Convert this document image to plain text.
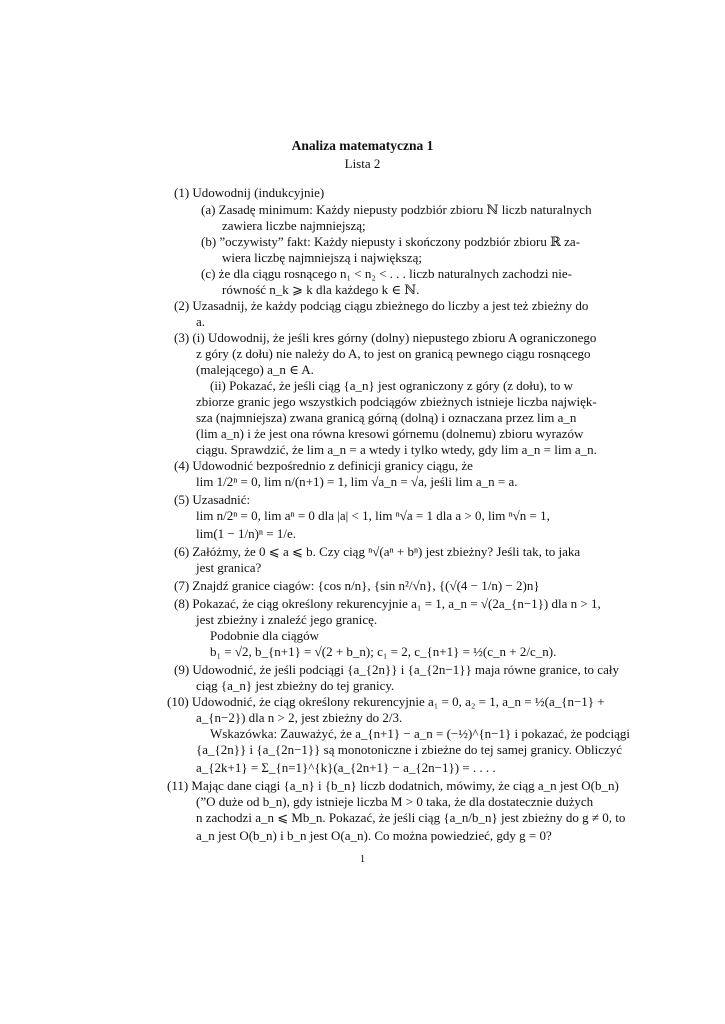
Analiza matematyczna 1
Lista 2
(1) Udowodnij (indukcyjnie)
(a) Zasadę minimum: Każdy niepusty podzbiór zbioru ℕ liczb naturalnych
zawiera liczbe najmniejszą;
(b) ”oczywisty” fakt: Każdy niepusty i skończony podzbiór zbioru ℝ za-
wiera liczbę najmniejszą i największą;
(c) że dla ciągu rosnącego n₁ < n₂ < . . . liczb naturalnych zachodzi nie-
równość n_k ⩾ k dla każdego k ∈ ℕ.
(2) Uzasadnij, że każdy podciąg ciągu zbieżnego do liczby a jest też zbieżny do
a.
(3) (i) Udowodnij, że jeśli kres górny (dolny) niepustego zbioru A ograniczonego
z góry (z dołu) nie należy do A, to jest on granicą pewnego ciągu rosnącego
(malejącego) a_n ∈ A.
(ii) Pokazać, że jeśli ciąg {a_n} jest ograniczony z góry (z dołu), to w
zbiorze granic jego wszystkich podciągów zbieżnych istnieje liczba najwięk-
sza (najmniejsza) zwana granicą górną (dolną) i oznaczana przez lim a_n
(lim a_n) i że jest ona równa kresowi górnemu (dolnemu) zbioru wyrazów
ciągu. Sprawdzić, że lim a_n = a wtedy i tylko wtedy, gdy lim a_n = lim a_n.
(4) Udowodnić bezpośrednio z definicji granicy ciągu, że
lim 1/2ⁿ = 0, lim n/(n+1) = 1, lim √a_n = √a, jeśli lim a_n = a.
(5) Uzasadnić:
lim n/2ⁿ = 0, lim aⁿ = 0 dla |a| < 1, lim ⁿ√a = 1 dla a > 0, lim ⁿ√n = 1,
lim(1 − 1/n)ⁿ = 1/e.
(6) Załóżmy, że 0 ⩽ a ⩽ b. Czy ciąg ⁿ√(aⁿ + bⁿ) jest zbieżny? Jeśli tak, to jaka
jest granica?
(7) Znajdź granice ciagów: {cos n/n}, {sin n²/√n}, {(√(4 − 1/n) − 2)n}
(8) Pokazać, że ciąg określony rekurencyjnie a₁ = 1, a_n = √(2a_{n−1}) dla n > 1,
jest zbieżny i znaleźć jego granicę.
Podobnie dla ciągów
b₁ = √2, b_{n+1} = √(2 + b_n); c₁ = 2, c_{n+1} = ½(c_n + 2/c_n).
(9) Udowodnić, że jeśli podciągi {a_{2n}} i {a_{2n−1}} maja równe granice, to cały
ciąg {a_n} jest zbieżny do tej granicy.
(10) Udowodnić, że ciąg określony rekurencyjnie a₁ = 0, a₂ = 1, a_n = ½(a_{n−1} +
a_{n−2}) dla n > 2, jest zbieżny do 2/3.
Wskazówka: Zauważyć, że a_{n+1} − a_n = (−½)^{n−1} i pokazać, że podciągi
{a_{2n}} i {a_{2n−1}} są monotoniczne i zbieżne do tej samej granicy. Obliczyć
a_{2k+1} = Σ_{n=1}^{k}(a_{2n+1} − a_{2n−1}) = . . . .
(11) Mając dane ciągi {a_n} i {b_n} liczb dodatnich, mówimy, że ciąg a_n jest O(b_n)
(”O duże od b_n), gdy istnieje liczba M > 0 taka, że dla dostatecznie dużych
n zachodzi a_n ⩽ Mb_n. Pokazać, że jeśli ciąg {a_n/b_n} jest zbieżny do g ≠ 0, to
a_n jest O(b_n) i b_n jest O(a_n). Co można powiedzieć, gdy g = 0?
1
